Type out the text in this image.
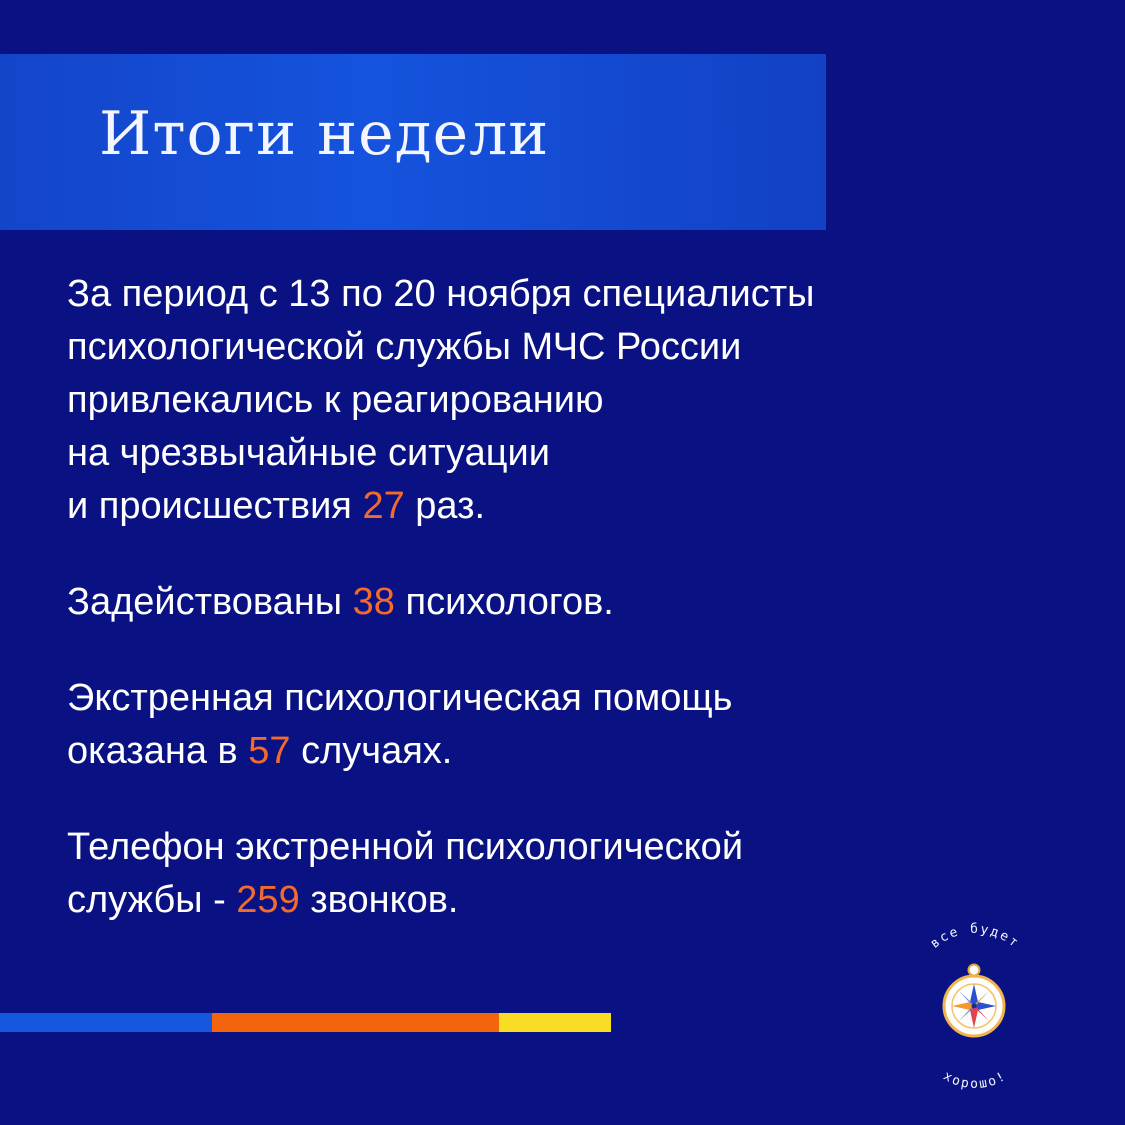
Итоги недели

За период с 13 по 20 ноября специалисты
психологической службы МЧС России
привлекались к реагированию
на чрезвычайные ситуации
и происшествия 27 раз.

Задействованы 38 психологов.

Экстренная психологическая помощь
оказана в 57 случаях.

Телефон экстренной психологической
службы - 259 звонков.

все будет
хорошо!
